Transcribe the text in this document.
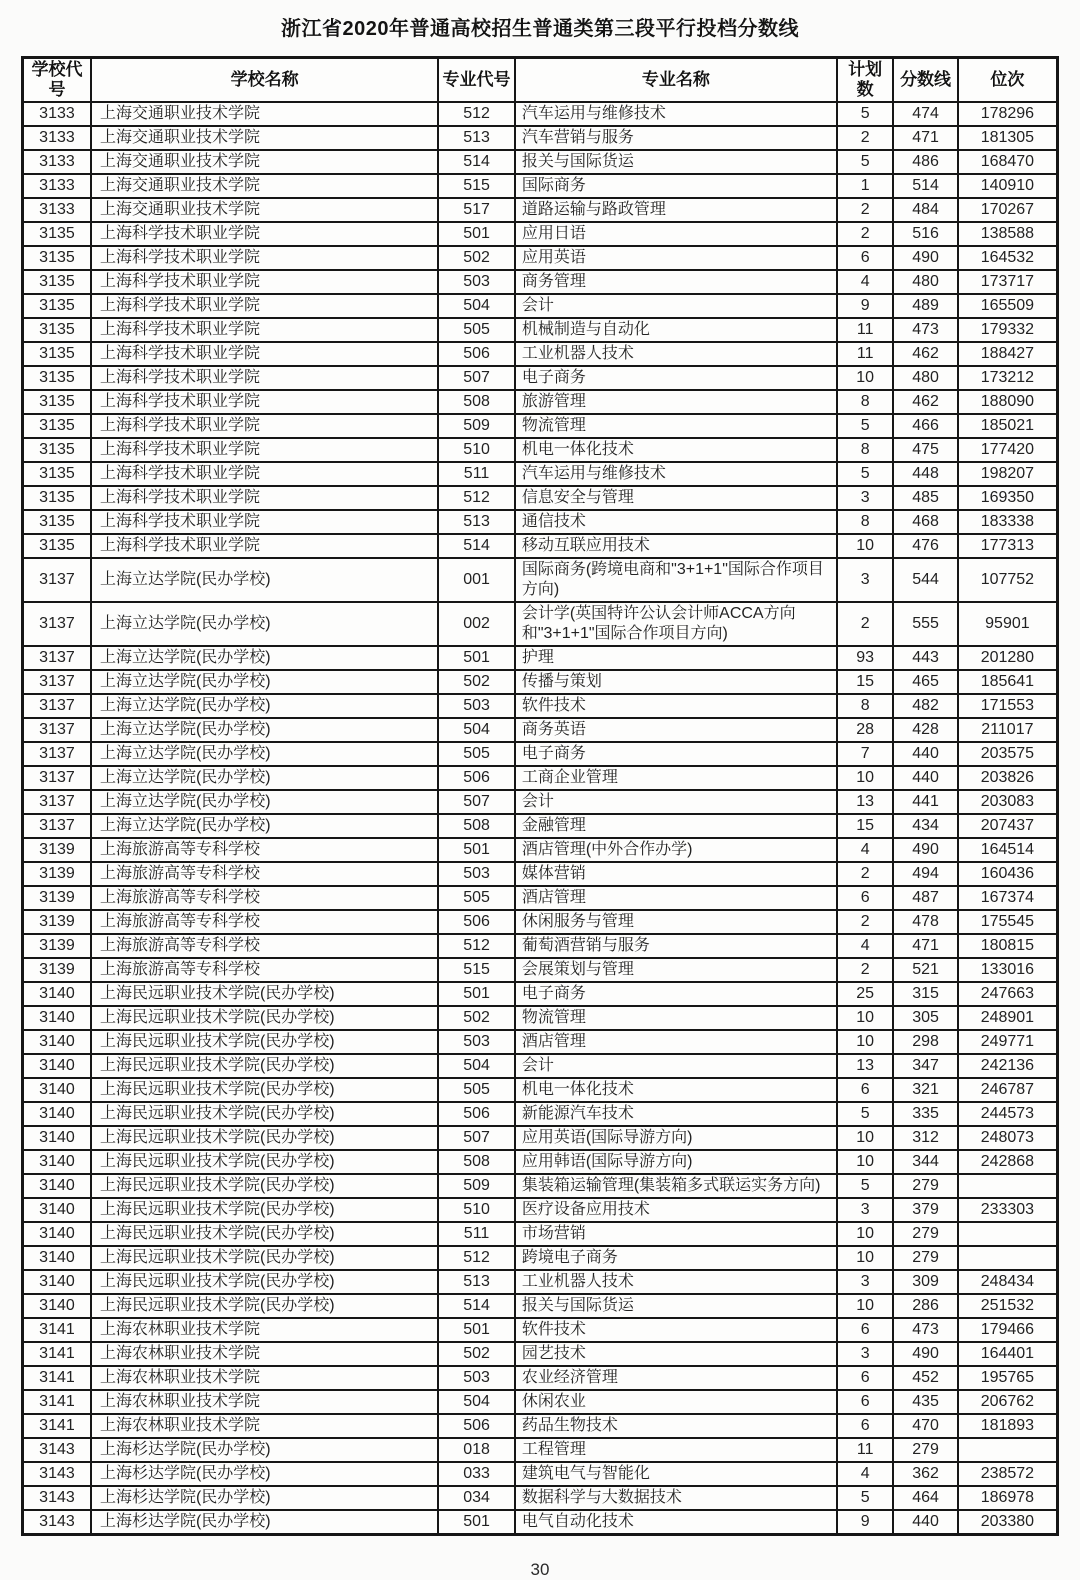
浙江省2020年普通高校招生普通类第三段平行投档分数线
学校代号	学校名称	专业代号	专业名称	计划数	分数线	位次
3133	上海交通职业技术学院	512	汽车运用与维修技术	5	474	178296
3133	上海交通职业技术学院	513	汽车营销与服务	2	471	181305
3133	上海交通职业技术学院	514	报关与国际货运	5	486	168470
3133	上海交通职业技术学院	515	国际商务	1	514	140910
3133	上海交通职业技术学院	517	道路运输与路政管理	2	484	170267
3135	上海科学技术职业学院	501	应用日语	2	516	138588
3135	上海科学技术职业学院	502	应用英语	6	490	164532
3135	上海科学技术职业学院	503	商务管理	4	480	173717
3135	上海科学技术职业学院	504	会计	9	489	165509
3135	上海科学技术职业学院	505	机械制造与自动化	11	473	179332
3135	上海科学技术职业学院	506	工业机器人技术	11	462	188427
3135	上海科学技术职业学院	507	电子商务	10	480	173212
3135	上海科学技术职业学院	508	旅游管理	8	462	188090
3135	上海科学技术职业学院	509	物流管理	5	466	185021
3135	上海科学技术职业学院	510	机电一体化技术	8	475	177420
3135	上海科学技术职业学院	511	汽车运用与维修技术	5	448	198207
3135	上海科学技术职业学院	512	信息安全与管理	3	485	169350
3135	上海科学技术职业学院	513	通信技术	8	468	183338
3135	上海科学技术职业学院	514	移动互联应用技术	10	476	177313
3137	上海立达学院(民办学校)	001	国际商务(跨境电商和"3+1+1"国际合作项目方向)	3	544	107752
3137	上海立达学院(民办学校)	002	会计学(英国特许公认会计师ACCA方向和"3+1+1"国际合作项目方向)	2	555	95901
3137	上海立达学院(民办学校)	501	护理	93	443	201280
3137	上海立达学院(民办学校)	502	传播与策划	15	465	185641
3137	上海立达学院(民办学校)	503	软件技术	8	482	171553
3137	上海立达学院(民办学校)	504	商务英语	28	428	211017
3137	上海立达学院(民办学校)	505	电子商务	7	440	203575
3137	上海立达学院(民办学校)	506	工商企业管理	10	440	203826
3137	上海立达学院(民办学校)	507	会计	13	441	203083
3137	上海立达学院(民办学校)	508	金融管理	15	434	207437
3139	上海旅游高等专科学校	501	酒店管理(中外合作办学)	4	490	164514
3139	上海旅游高等专科学校	503	媒体营销	2	494	160436
3139	上海旅游高等专科学校	505	酒店管理	6	487	167374
3139	上海旅游高等专科学校	506	休闲服务与管理	2	478	175545
3139	上海旅游高等专科学校	512	葡萄酒营销与服务	4	471	180815
3139	上海旅游高等专科学校	515	会展策划与管理	2	521	133016
3140	上海民远职业技术学院(民办学校)	501	电子商务	25	315	247663
3140	上海民远职业技术学院(民办学校)	502	物流管理	10	305	248901
3140	上海民远职业技术学院(民办学校)	503	酒店管理	10	298	249771
3140	上海民远职业技术学院(民办学校)	504	会计	13	347	242136
3140	上海民远职业技术学院(民办学校)	505	机电一体化技术	6	321	246787
3140	上海民远职业技术学院(民办学校)	506	新能源汽车技术	5	335	244573
3140	上海民远职业技术学院(民办学校)	507	应用英语(国际导游方向)	10	312	248073
3140	上海民远职业技术学院(民办学校)	508	应用韩语(国际导游方向)	10	344	242868
3140	上海民远职业技术学院(民办学校)	509	集装箱运输管理(集装箱多式联运实务方向)	5	279	
3140	上海民远职业技术学院(民办学校)	510	医疗设备应用技术	3	379	233303
3140	上海民远职业技术学院(民办学校)	511	市场营销	10	279	
3140	上海民远职业技术学院(民办学校)	512	跨境电子商务	10	279	
3140	上海民远职业技术学院(民办学校)	513	工业机器人技术	3	309	248434
3140	上海民远职业技术学院(民办学校)	514	报关与国际货运	10	286	251532
3141	上海农林职业技术学院	501	软件技术	6	473	179466
3141	上海农林职业技术学院	502	园艺技术	3	490	164401
3141	上海农林职业技术学院	503	农业经济管理	6	452	195765
3141	上海农林职业技术学院	504	休闲农业	6	435	206762
3141	上海农林职业技术学院	506	药品生物技术	6	470	181893
3143	上海杉达学院(民办学校)	018	工程管理	11	279	
3143	上海杉达学院(民办学校)	033	建筑电气与智能化	4	362	238572
3143	上海杉达学院(民办学校)	034	数据科学与大数据技术	5	464	186978
3143	上海杉达学院(民办学校)	501	电气自动化技术	9	440	203380
30
